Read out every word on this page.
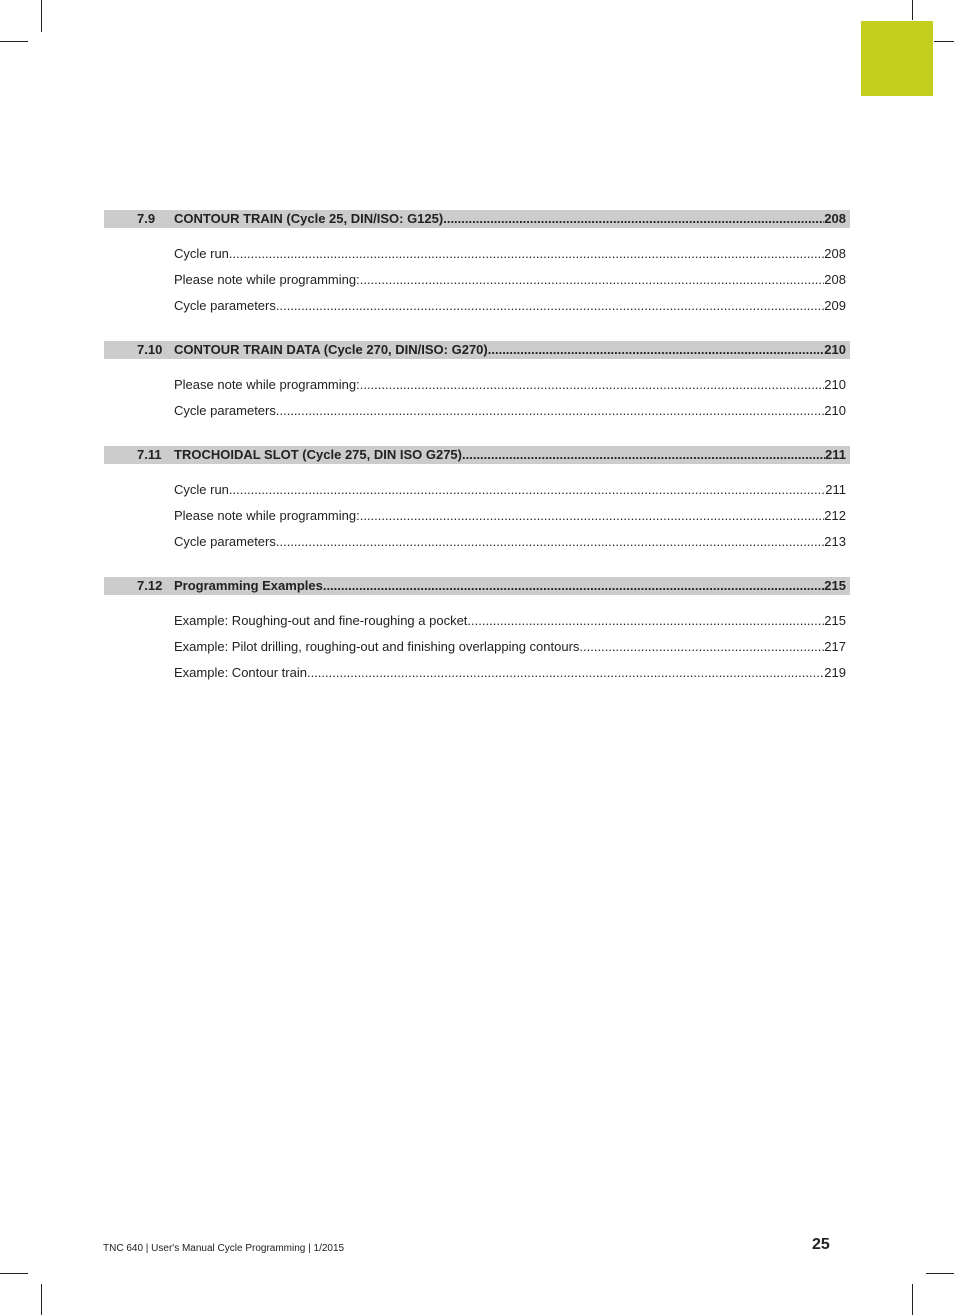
7.9 CONTOUR TRAIN (Cycle 25, DIN/ISO: G125) .....	208
Cycle run .....	208
Please note while programming: .....	208
Cycle parameters .....	209
7.10 CONTOUR TRAIN DATA (Cycle 270, DIN/ISO: G270) .....	210
Please note while programming: .....	210
Cycle parameters .....	210
7.11 TROCHOIDAL SLOT (Cycle 275, DIN ISO G275) .....	211
Cycle run .....	211
Please note while programming: .....	212
Cycle parameters .....	213
7.12 Programming Examples .....	215
Example: Roughing-out and fine-roughing a pocket .....	215
Example: Pilot drilling, roughing-out and finishing overlapping contours .....	217
Example: Contour train .....	219
TNC 640 | User's Manual Cycle Programming | 1/2015	25
